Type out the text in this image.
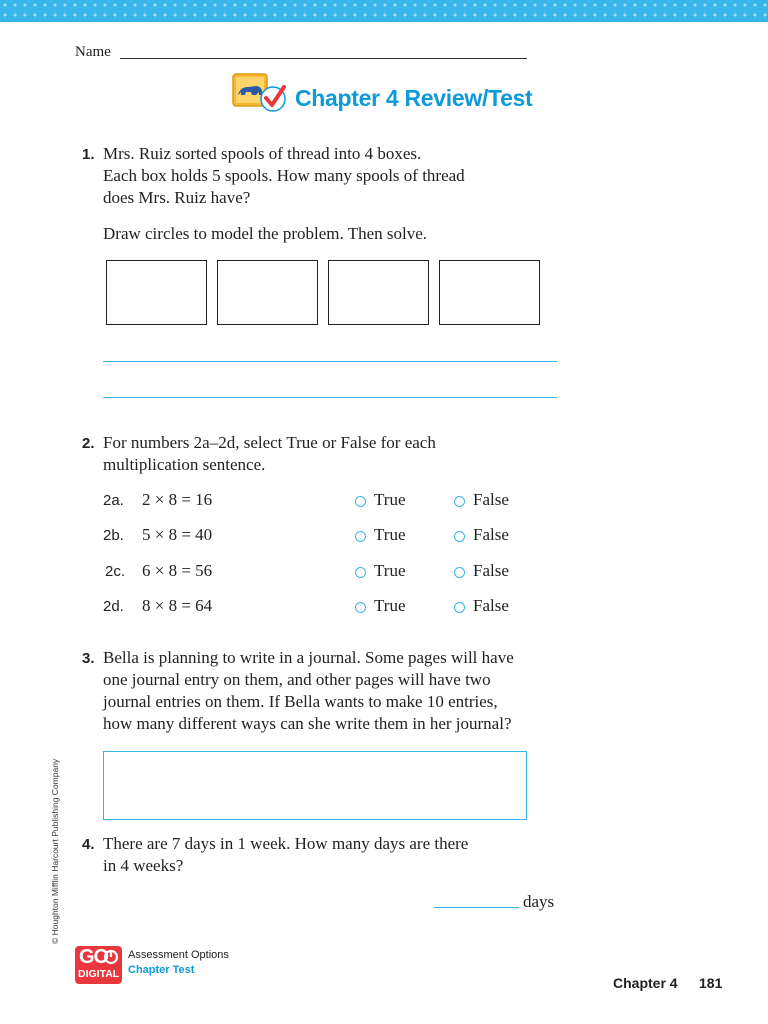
Name
Chapter 4 Review/Test
1. Mrs. Ruiz sorted spools of thread into 4 boxes.
Each box holds 5 spools. How many spools of thread
does Mrs. Ruiz have?
Draw circles to model the problem. Then solve.
2. For numbers 2a–2d, select True or False for each
multiplication sentence.
2a. 2 × 8 = 16	True	False
2b. 5 × 8 = 40	True	False
2c. 6 × 8 = 56	True	False
2d. 8 × 8 = 64	True	False
3. Bella is planning to write in a journal. Some pages will have
one journal entry on them, and other pages will have two
journal entries on them. If Bella wants to make 10 entries,
how many different ways can she write them in her journal?
4. There are 7 days in 1 week. How many days are there
in 4 weeks?
days
© Houghton Mifflin Harcourt Publishing Company
GO
DIGITAL
Assessment Options
Chapter Test
Chapter 4 181
